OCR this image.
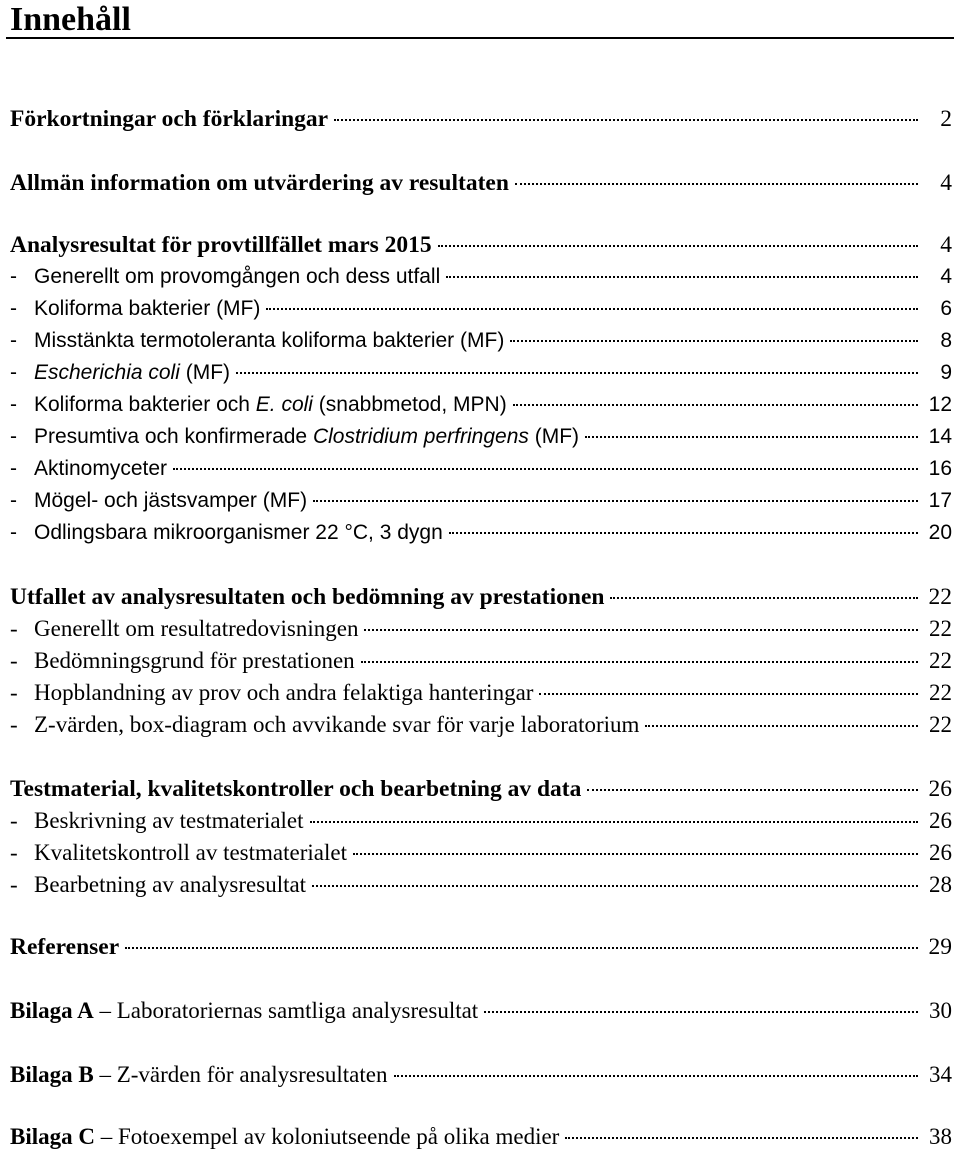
Innehåll
Förkortningar och förklaringar	2
Allmän information om utvärdering av resultaten	4
Analysresultat för provtillfället mars 2015	4
- Generellt om provomgången och dess utfall	4
- Koliforma bakterier (MF)	6
- Misstänkta termotoleranta koliforma bakterier (MF)	8
- Escherichia coli (MF)	9
- Koliforma bakterier och E. coli (snabbmetod, MPN)	12
- Presumtiva och konfirmerade Clostridium perfringens (MF)	14
- Aktinomyceter	16
- Mögel- och jästsvamper (MF)	17
- Odlingsbara mikroorganismer 22 °C, 3 dygn	20
Utfallet av analysresultaten och bedömning av prestationen	22
- Generellt om resultatredovisningen	22
- Bedömningsgrund för prestationen	22
- Hopblandning av prov och andra felaktiga hanteringar	22
- Z-värden, box-diagram och avvikande svar för varje laboratorium	22
Testmaterial, kvalitetskontroller och bearbetning av data	26
- Beskrivning av testmaterialet	26
- Kvalitetskontroll av testmaterialet	26
- Bearbetning av analysresultat	28
Referenser	29
Bilaga A – Laboratoriernas samtliga analysresultat	30
Bilaga B – Z-värden för analysresultaten	34
Bilaga C – Fotoexempel av koloniutseende på olika medier	38
